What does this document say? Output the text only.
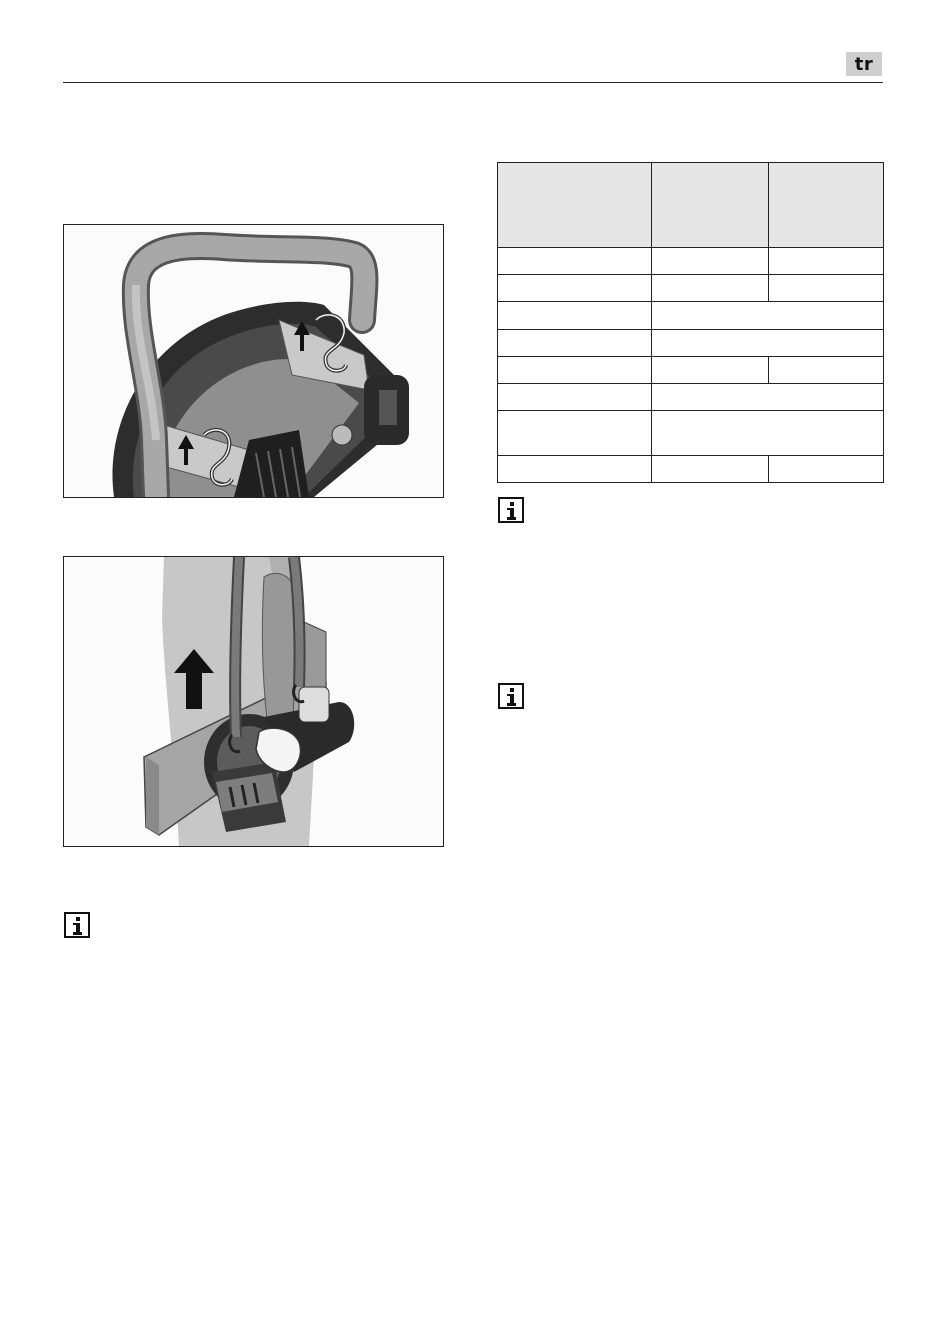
tr
